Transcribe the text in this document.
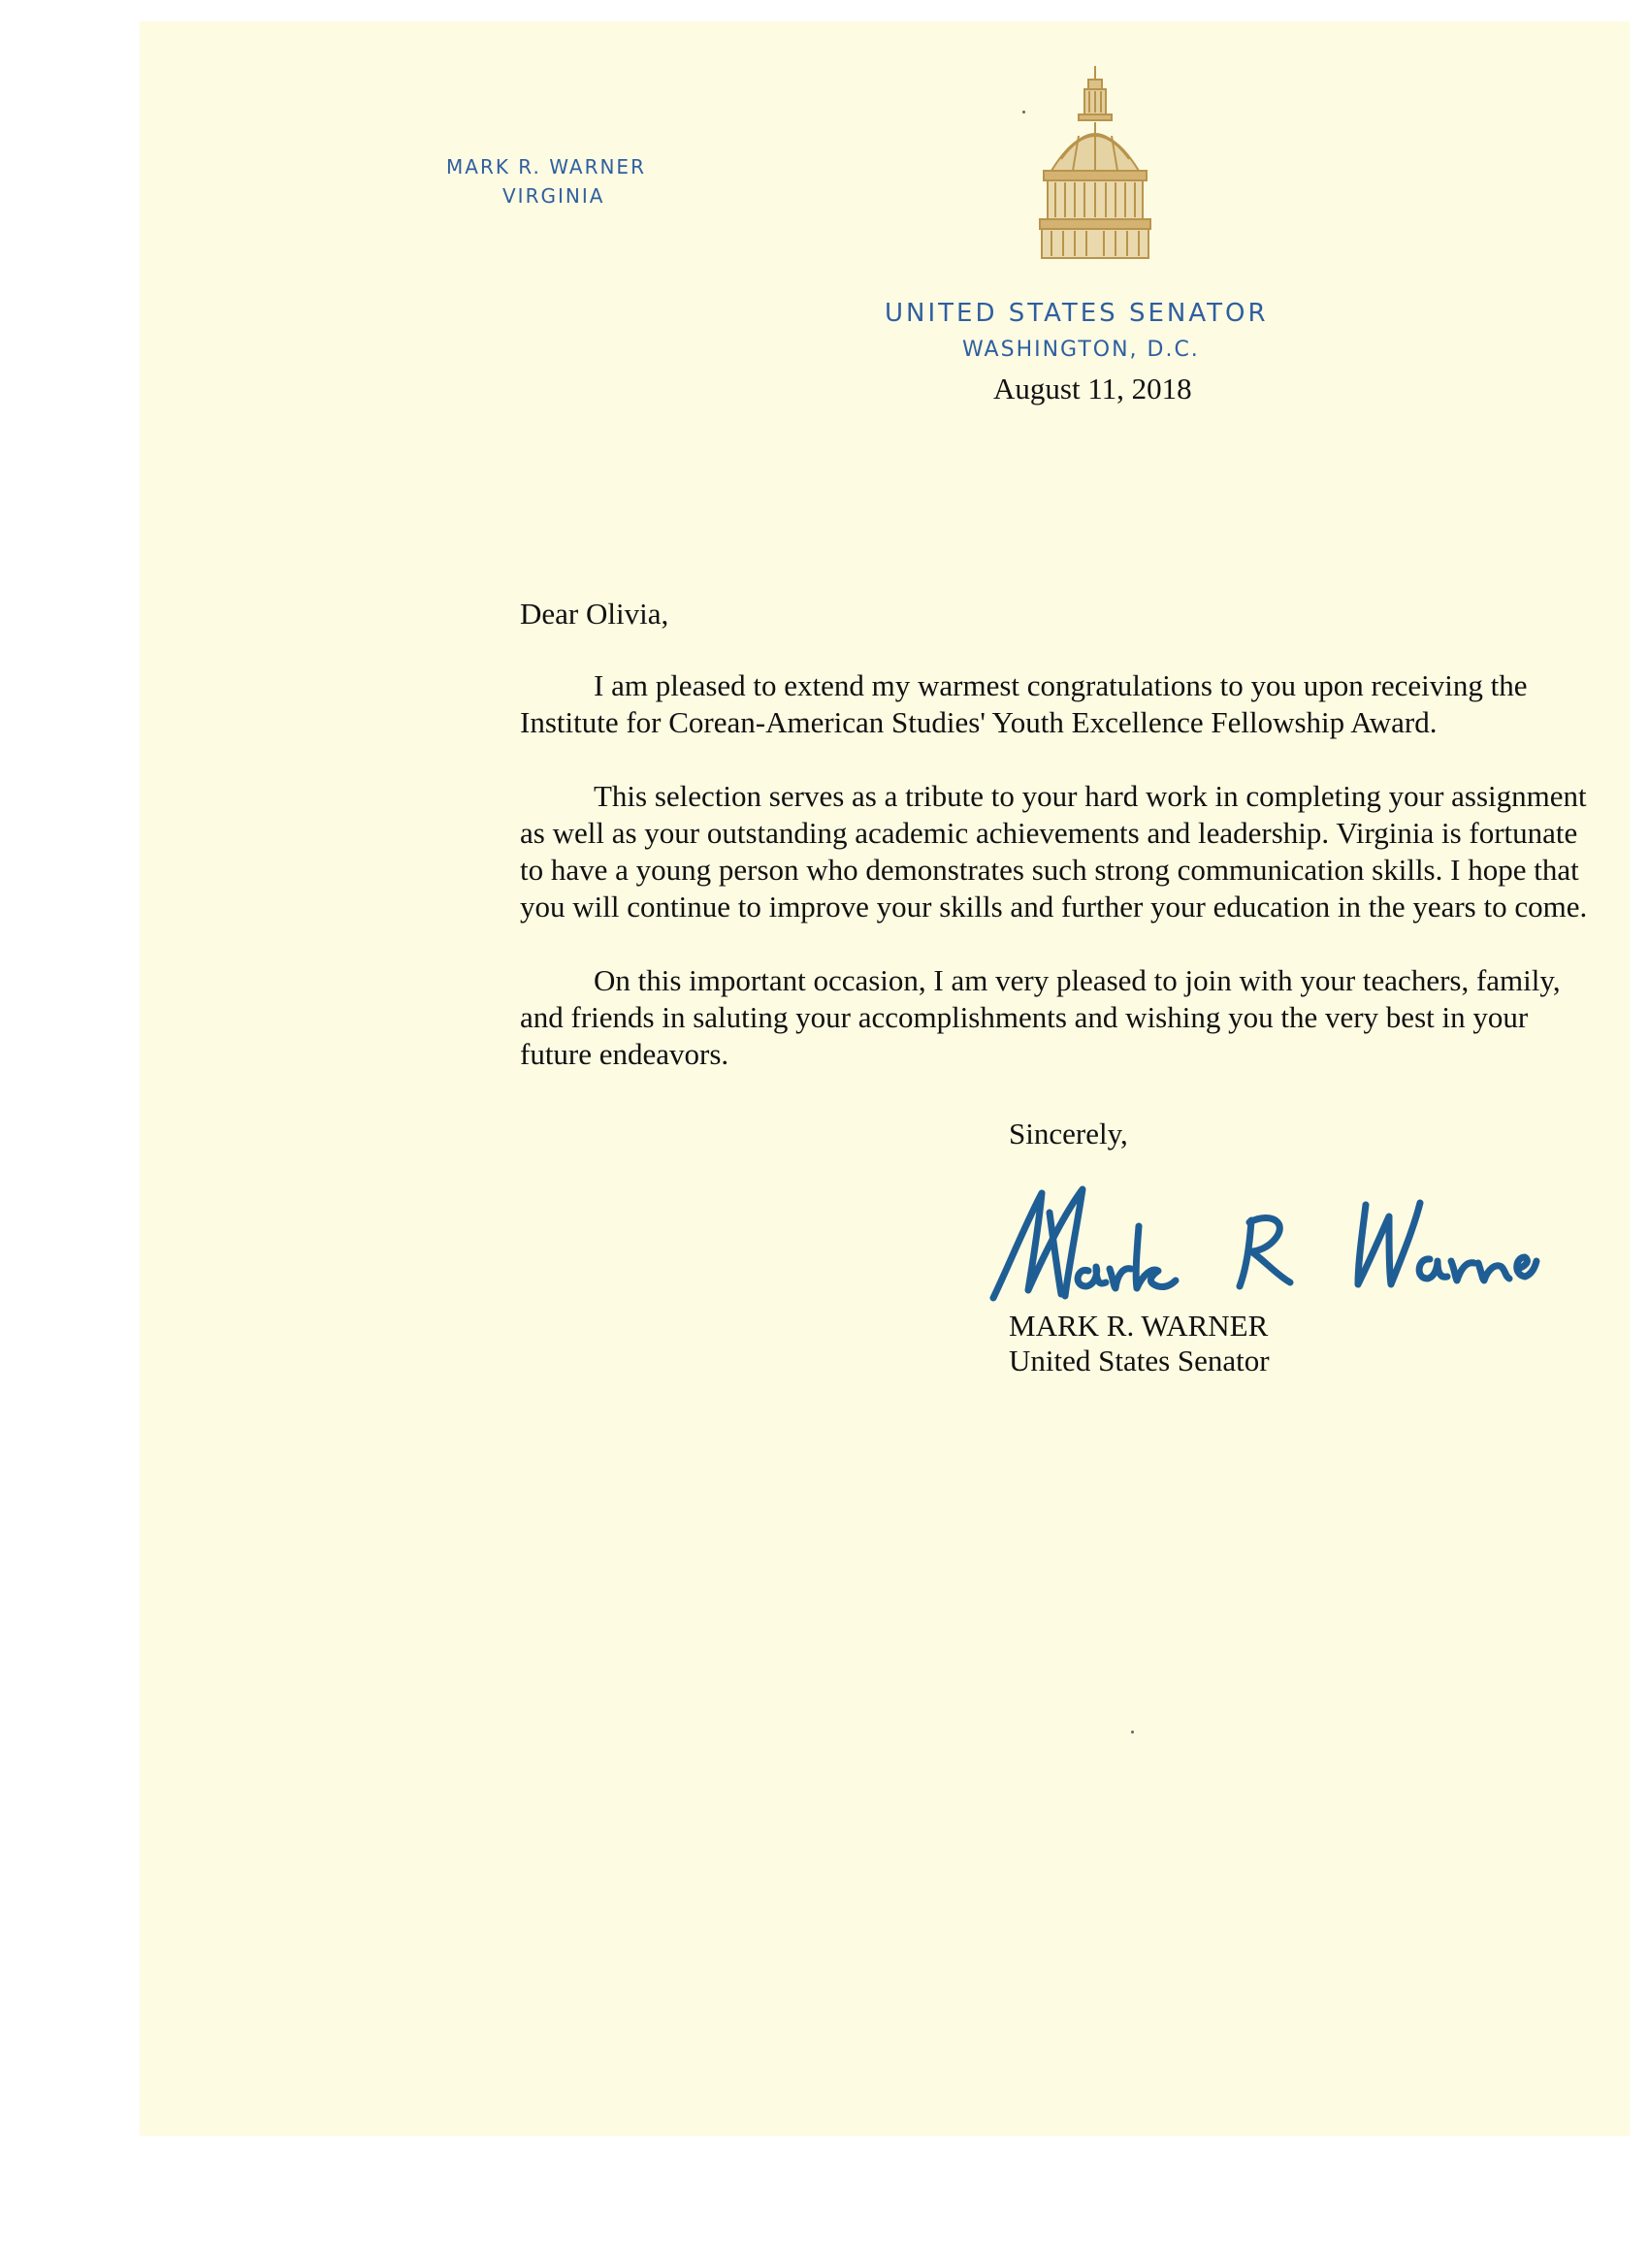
MARK R. WARNER
VIRGINIA
UNITED STATES SENATOR
WASHINGTON, D.C.
August 11, 2018
Dear Olivia,
I am pleased to extend my warmest congratulations to you upon receiving the
Institute for Corean-American Studies' Youth Excellence Fellowship Award.
This selection serves as a tribute to your hard work in completing your assignment
as well as your outstanding academic achievements and leadership. Virginia is fortunate
to have a young person who demonstrates such strong communication skills. I hope that
you will continue to improve your skills and further your education in the years to come.
On this important occasion, I am very pleased to join with your teachers, family,
and friends in saluting your accomplishments and wishing you the very best in your
future endeavors.
Sincerely,
MARK R. WARNER
United States Senator
